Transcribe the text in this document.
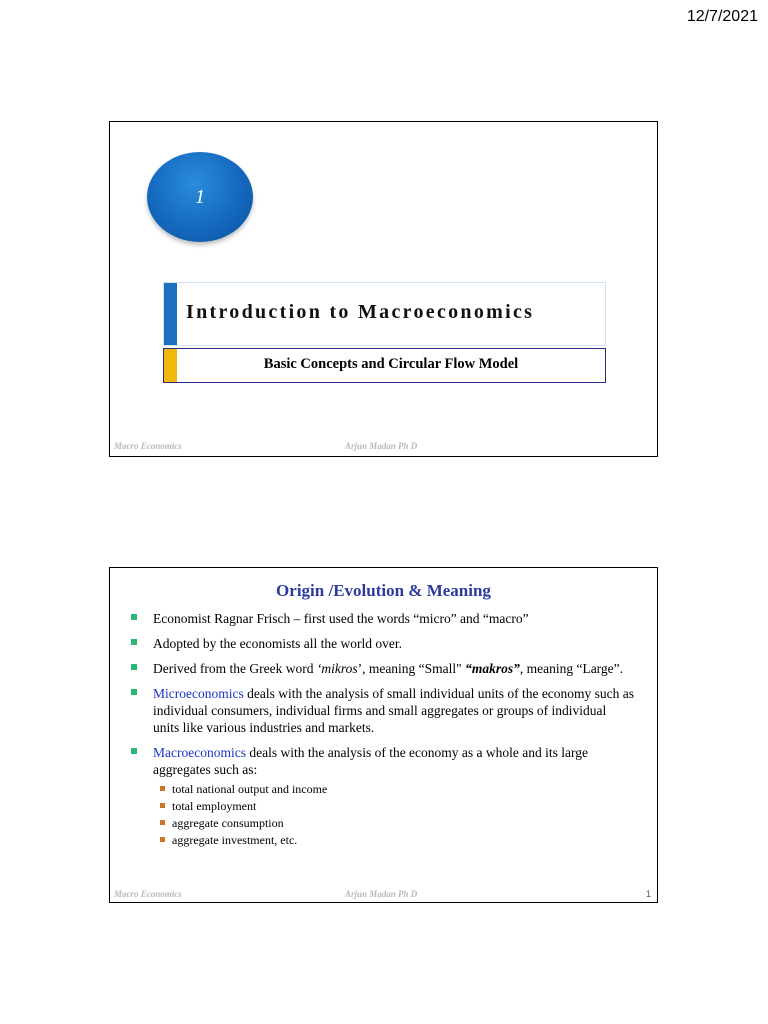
12/7/2021
1
Introduction to Macroeconomics
Basic Concepts and Circular Flow Model
Macro Economics	Arjun Madan Ph D
Origin /Evolution & Meaning
Economist Ragnar Frisch – first used the words “micro” and “macro”
Adopted by the economists all the world over.
Derived from the Greek word ‘mikros’, meaning “Small" “makros”, meaning “Large”.
Microeconomics deals with the analysis of small individual units of the economy such as individual consumers, individual firms and small aggregates or groups of individual units like various industries and markets.
Macroeconomics deals with the analysis of the economy as a whole and its large aggregates such as:
total national output and income
total employment
aggregate consumption
aggregate investment, etc.
Macro Economics	Arjun Madan Ph D	1
